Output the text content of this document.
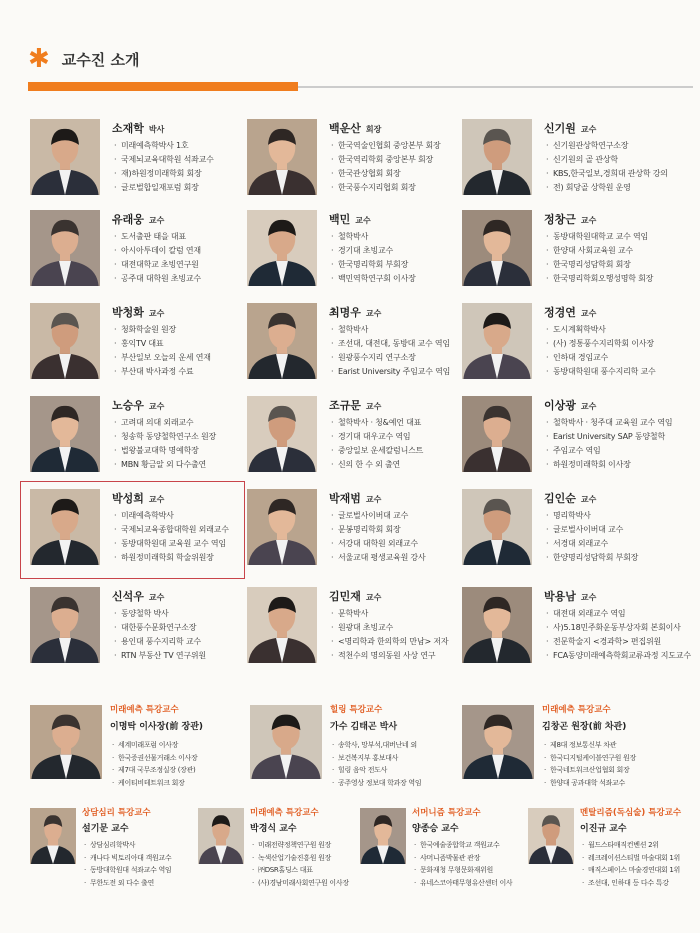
✱ 교수진 소개
소재학 박사
· 미래예측학박사 1호
· 국제뇌교육대학원 석좌교수
· 재)하원정미래학회 회장
· 글로벌합일재포럼 회장
백운산 회장
· 한국역술인협회 중앙본부 회장
· 한국역리학회 중앙본부 회장
· 한국관상협회 회장
· 한국풍수지리협회 회장
신기원 교수
· 신기원관상학연구소장
· 신기원의 골 관상학
· KBS,한국일보,경희대 관상학 강의
· 전) 회당골 상학원 운영
유래웅 교수
· 도서출판 태을 대표
· 아시아투데이 칼럼 연재
· 대전대학교 초빙연구원
· 공주대 대학원 초빙교수
백민 교수
· 철학박사
· 경기대 초빙교수
· 한국명리학회 부회장
· 백민역학연구회 이사장
정창근 교수
· 동방대학원대학교 교수 역임
· 한양대 사회교육원 교수
· 한국명리성담학회 회장
· 한국명리학회오행성명학 회장
박청화 교수
· 청화학술원 원장
· 홍익TV 대표
· 부산일보 오늘의 운세 연재
· 부산대 박사과정 수료
최명우 교수
· 철학박사
· 조선대, 대전대, 동방대 교수 역임
· 원광풍수지리 연구소장
· Earist University 주임교수 역임
정경연 교수
· 도시계획학박사
· (사) 정통풍수지리학회 이사장
· 인하대 경임교수
· 동방대학원대 풍수지리학 교수
노승우 교수
· 고려대 의대 외래교수
· 청송학 동양철학연구소 원장
· 법왕불교대학 명예학장
· MBN 황금알 외 다수출연
조규문 교수
· 철학박사 · 청&예언 대표
· 경기대 대우교수 역임
· 중앙일보 운세칼럼니스트
· 신의 한 수 외 출연
이상광 교수
· 철학박사 · 청주대 교육원 교수 역임
· Earist University SAP 동양철학
· 주임교수 역임
· 하원정미래학회 이사장
박성희 교수
· 미래예측학박사
· 국제뇌교육종합대학원 외래교수
· 동방대학원대 교육원 교수 역임
· 하원정미래학회 학술위원장
박재범 교수
· 글로벌사이버대 교수
· 문봉명리학회 회장
· 서강대 대학원 외래교수
· 서울교대 평생교육원 강사
김인순 교수
· 명리학박사
· 글로벌사이버대 교수
· 서경대 외래교수
· 한양명리성담학회 부회장
신석우 교수
· 동양철학 박사
· 대한풍수문화연구소장
· 용인대 풍수지리학 교수
· RTN 부동산 TV 연구위원
김민재 교수
· 문학박사
· 원광대 초빙교수
· <명리학과 한의학의 만남> 저자
· 적천수의 명의동원 사상 연구
박용남 교수
· 대전대 외래교수 역임
· 사)5.18민주화운동부상자회 본회이사
· 전문학술지 <경과학> 편집위원
· FCA동양미래예측학회교류과정 지도교수
미래예측 특강교수
이명탁 이사장(前 장관)
· 세계미래포럼 이사장
· 한국증권선물거래소 이사장
· 제7대 국무조정실장 (장관)
· 케이티비테트워크 회장
힐링 특강교수
가수 김태곤 박사
· 송학사, 망부석,대버난네 외
· 보건복지부 홍보대사
· 힐링 음악 전도사
· 공주영상 정보대 학과장 역임
미래예측 특강교수
김창곤 원장(前 차관)
· 제8대 정보통신부 차관
· 한국디지털케이블연구원 원장
· 한국네트워크산업협회 회장
· 한양대 공과대학 석좌교수
상담심리 특강교수
설기문 교수
· 상담심리학박사
· 캐나다 빅토리아대 객원교수
· 동방대학원대 석좌교수 역임
· 무한도전 외 다수 출연
미래예측 특강교수
박경식 교수
· 미래전략정책연구원 원장
· 녹색산업기술진흥원 원장
· ㈜DSR홀딩스 대표
· (사)경남미래사회연구원 이사장
서머니즘 특강교수
양종승 교수
· 한국예술종합학교 객원교수
· 샤머니즘박물관 관장
· 문화재청 무형문화재위원
· 유네스코아태무형유산센터 이사
멘탈리즘(독심술) 특강교수
이진규 교수
· 월드스타매직컨벤션 2위
· 레크레이션스티벌 마술대회 1위
· 매직스페이스 마술경연대회 1위
· 조선대, 인하대 등 다수 특강
